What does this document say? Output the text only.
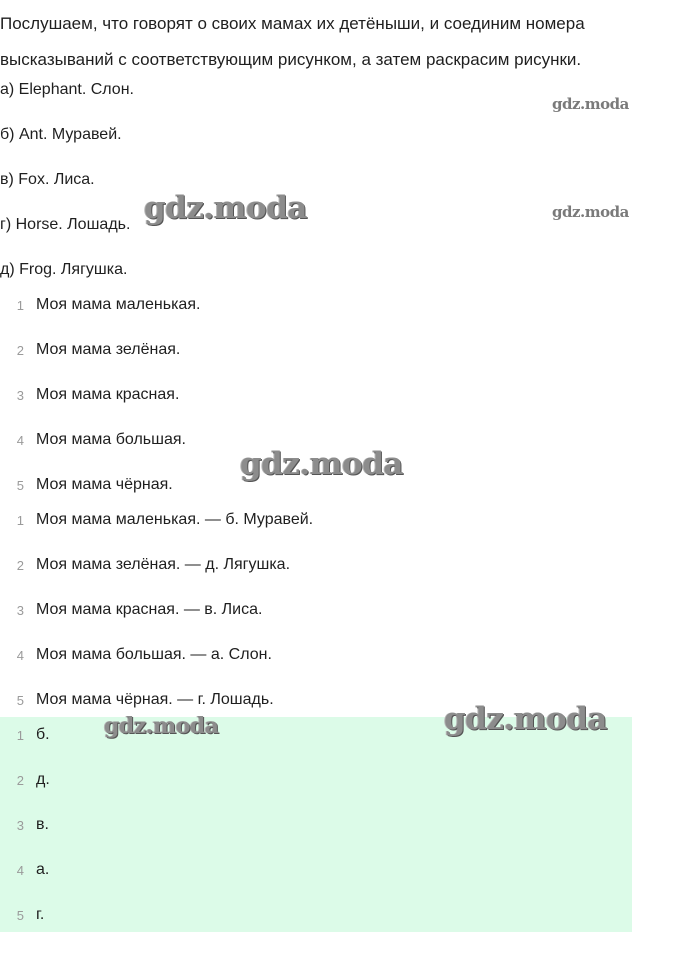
Послушаем, что говорят о своих мамах их детёныши, и соединим номера высказываний с соответствующим рисунком, а затем раскрасим рисунки.

а) Elephant. Слон.

б) Ant. Муравей.

в) Fox. Лиса.

г) Horse. Лошадь.

д) Frog. Лягушка.

1 Моя мама маленькая.
2 Моя мама зелёная.
3 Моя мама красная.
4 Моя мама большая.
5 Моя мама чёрная.
1 Моя мама маленькая. — б. Муравей.
2 Моя мама зелёная. — д. Лягушка.
3 Моя мама красная. — в. Лиса.
4 Моя мама большая. — а. Слон.
5 Моя мама чёрная. — г. Лошадь.
1 б.
2 д.
3 в.
4 а.
5 г.
gdz.moda
gdz.moda
gdz.moda
gdz.moda
gdz.moda	gdz.moda
